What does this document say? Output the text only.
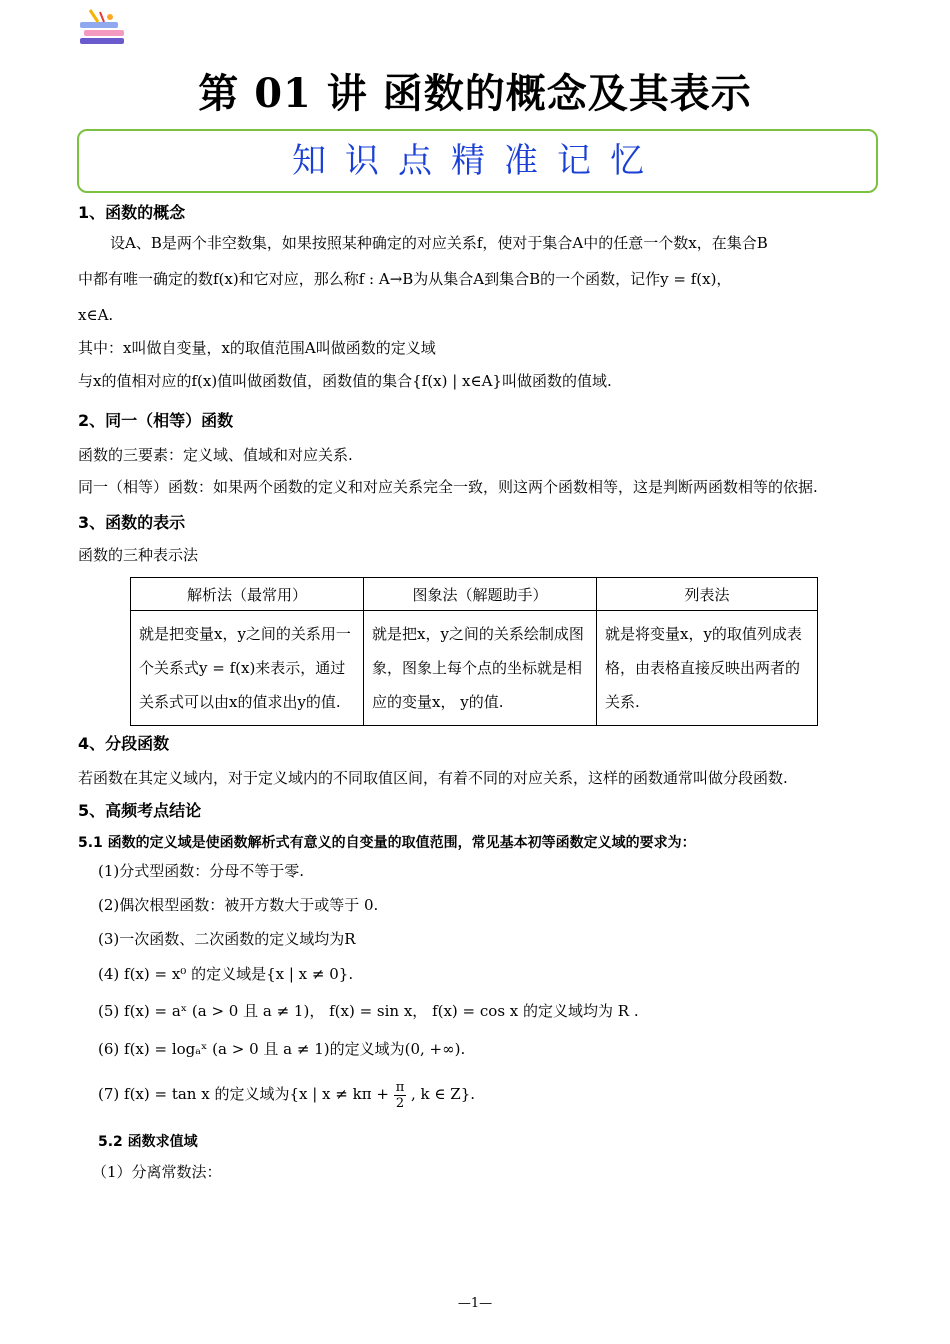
第 01 讲 函数的概念及其表示
知识点精准记忆

1、函数的概念

设A、B是两个非空数集，如果按照某种确定的对应关系f，使对于集合A中的任意一个数x，在集合B

中都有唯一确定的数f(x)和它对应，那么称f : A→B为从集合A到集合B的一个函数，记作y = f(x)，

x∈A.

其中：x叫做自变量，x的取值范围A叫做函数的定义域

与x的值相对应的f(x)值叫做函数值，函数值的集合{f(x) | x∈A}叫做函数的值域.

2、同一（相等）函数

函数的三要素：定义域、值域和对应关系.

同一（相等）函数：如果两个函数的定义和对应关系完全一致，则这两个函数相等，这是判断两函数相等的依据.

3、函数的表示

函数的三种表示法

解析法（最常用）	图象法（解题助手）	列表法
就是把变量x，y之间的关系用一个关系式y = f(x)来表示，通过关系式可以由x的值求出y的值.	就是把x，y之间的关系绘制成图象，图象上每个点的坐标就是相应的变量x， y的值.	就是将变量x，y的取值列成表格，由表格直接反映出两者的关系.

4、分段函数

若函数在其定义域内，对于定义域内的不同取值区间，有着不同的对应关系，这样的函数通常叫做分段函数.

5、高频考点结论

5.1 函数的定义域是使函数解析式有意义的自变量的取值范围，常见基本初等函数定义域的要求为：

(1)分式型函数：分母不等于零.

(2)偶次根型函数：被开方数大于或等于 0.

(3)一次函数、二次函数的定义域均为R

(4) f(x) = x⁰ 的定义域是{x | x ≠ 0}.

(5) f(x) = aˣ (a > 0 且 a ≠ 1)， f(x) = sin x， f(x) = cos x 的定义域均为 R .

(6) f(x) = logₐˣ (a > 0 且 a ≠ 1)的定义域为(0, +∞).

(7) f(x) = tan x 的定义域为{x | $x \ne k\pi + \frac{\pi}{2}$ , k ∈ Z}.

5.2 函数求值域

（1）分离常数法：

—1—
